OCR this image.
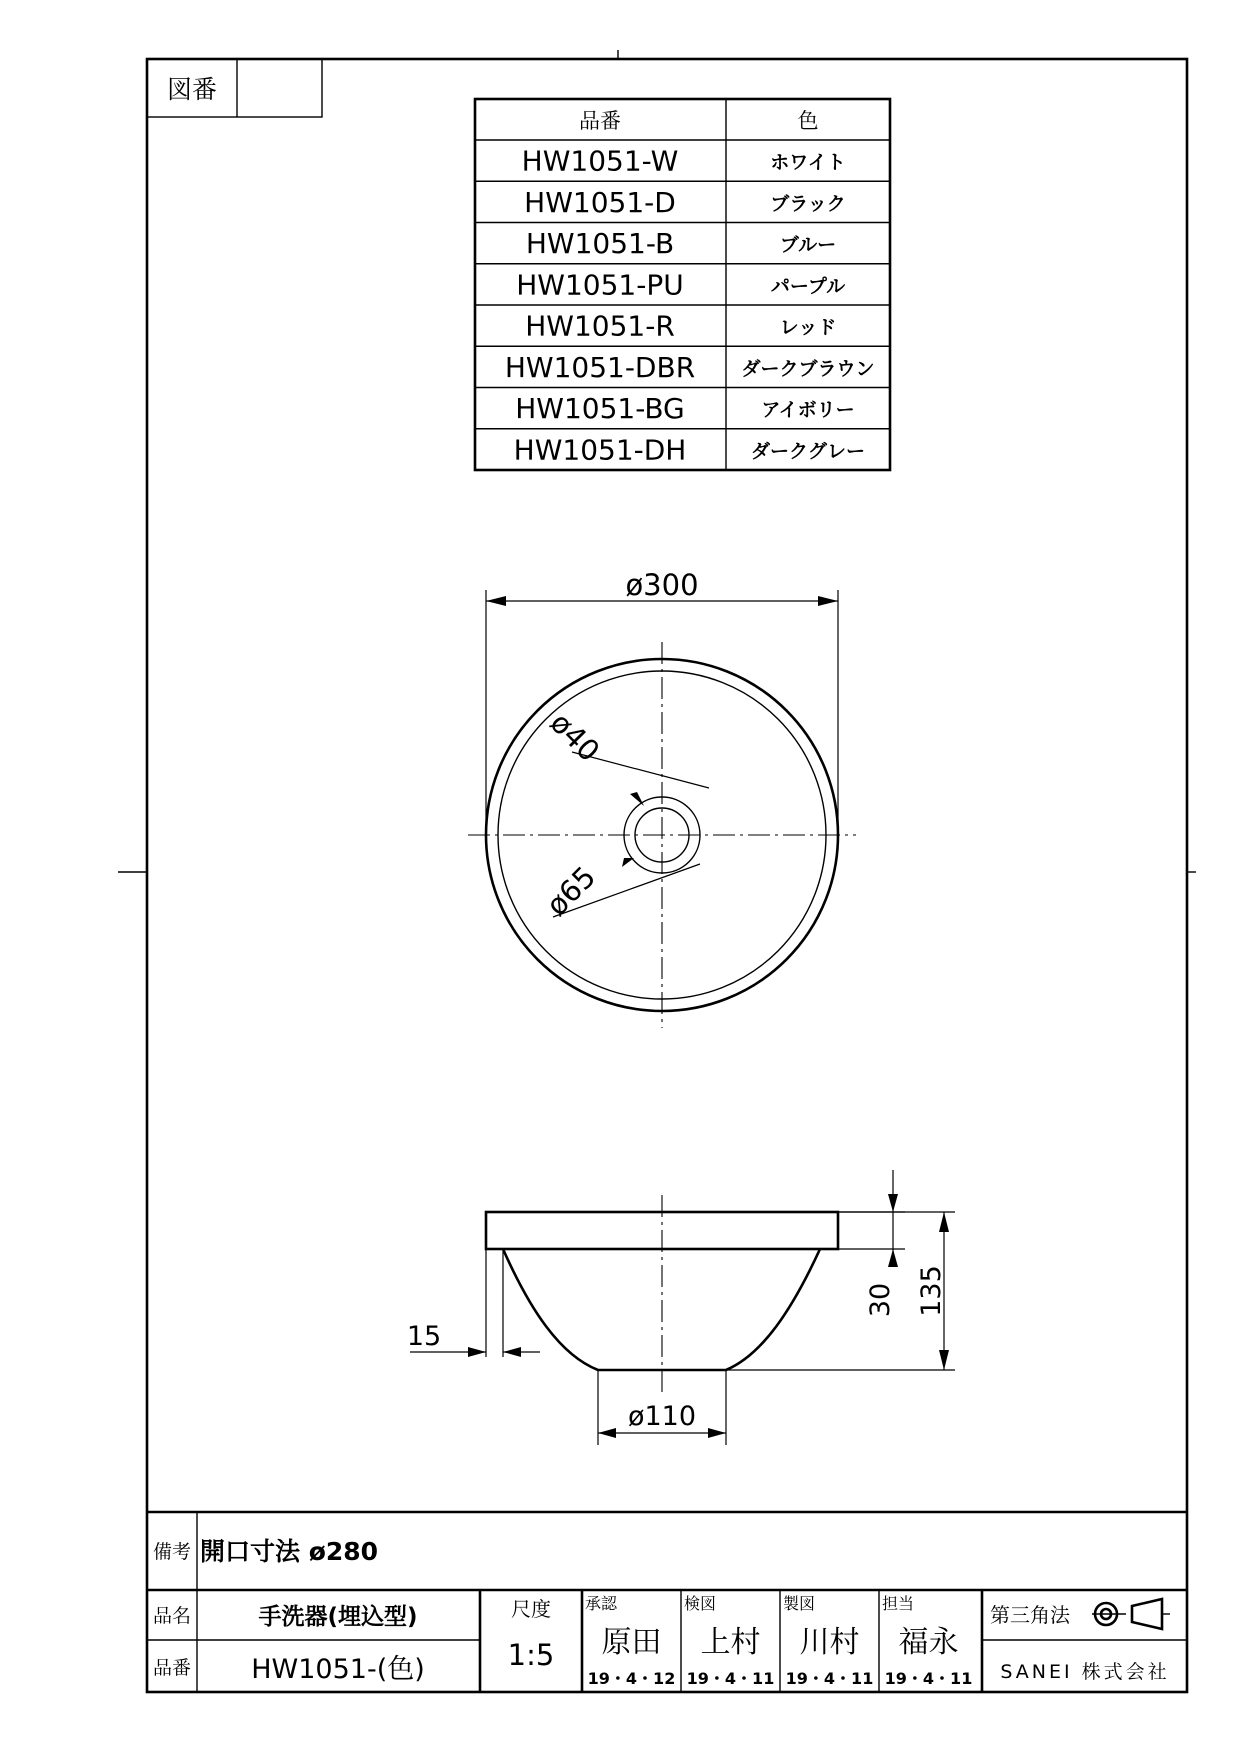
図番
品番	色
HW1051-W	ホワイト
HW1051-D	ブラック
HW1051-B	ブルー
HW1051-PU	パープル
HW1051-R	レッド
HW1051-DBR ダークブラウン
HW1051-BG	アイボリー
HW1051-DH	ダークグレー
ø300
ø40
ø65
15
30 135
ø110
備考 開口寸法 ø280
品名	手洗器(埋込型)
品番 HW1051-(色)
尺度
1:5
承認
原田
19・4・12
検図
上村
19・4・11
製図
川村
19・4・11
担当
福永
19・4・11
第三角法
SANEI 株式会社
